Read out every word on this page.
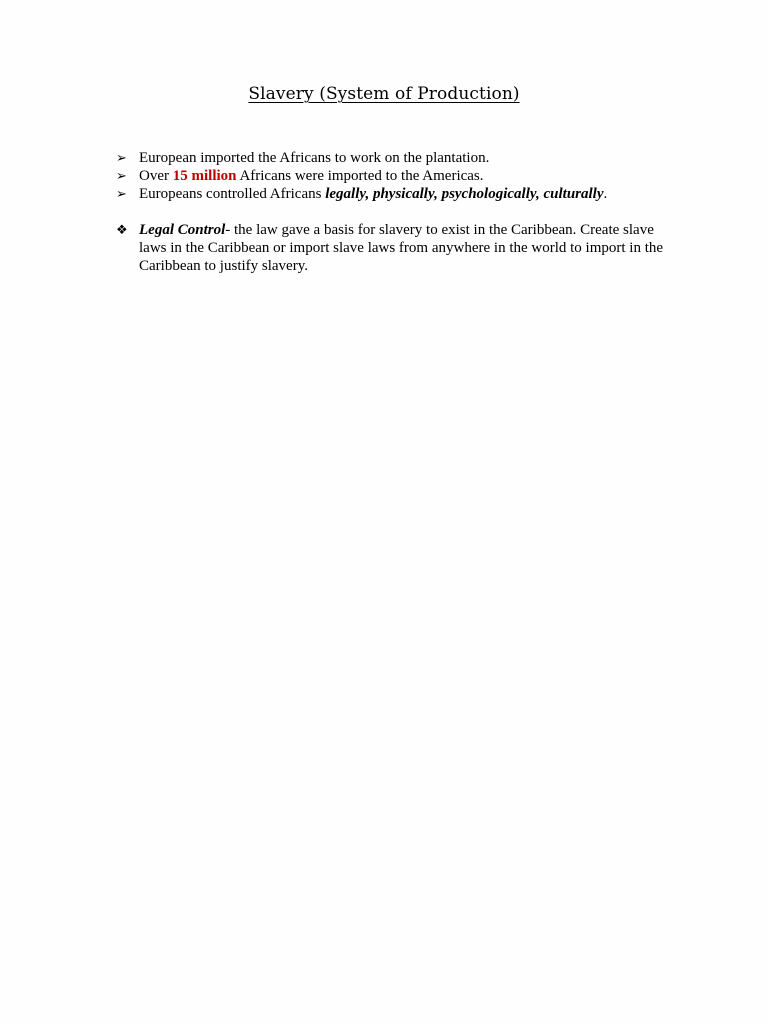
Slavery (System of Production)
➢ European imported the Africans to work on the plantation.
➢ Over 15 million Africans were imported to the Americas.
➢ Europeans controlled Africans legally, physically, psychologically, culturally.
❖ Legal Control- the law gave a basis for slavery to exist in the Caribbean. Create slave laws in the Caribbean or import slave laws from anywhere in the world to import in the Caribbean to justify slavery.
